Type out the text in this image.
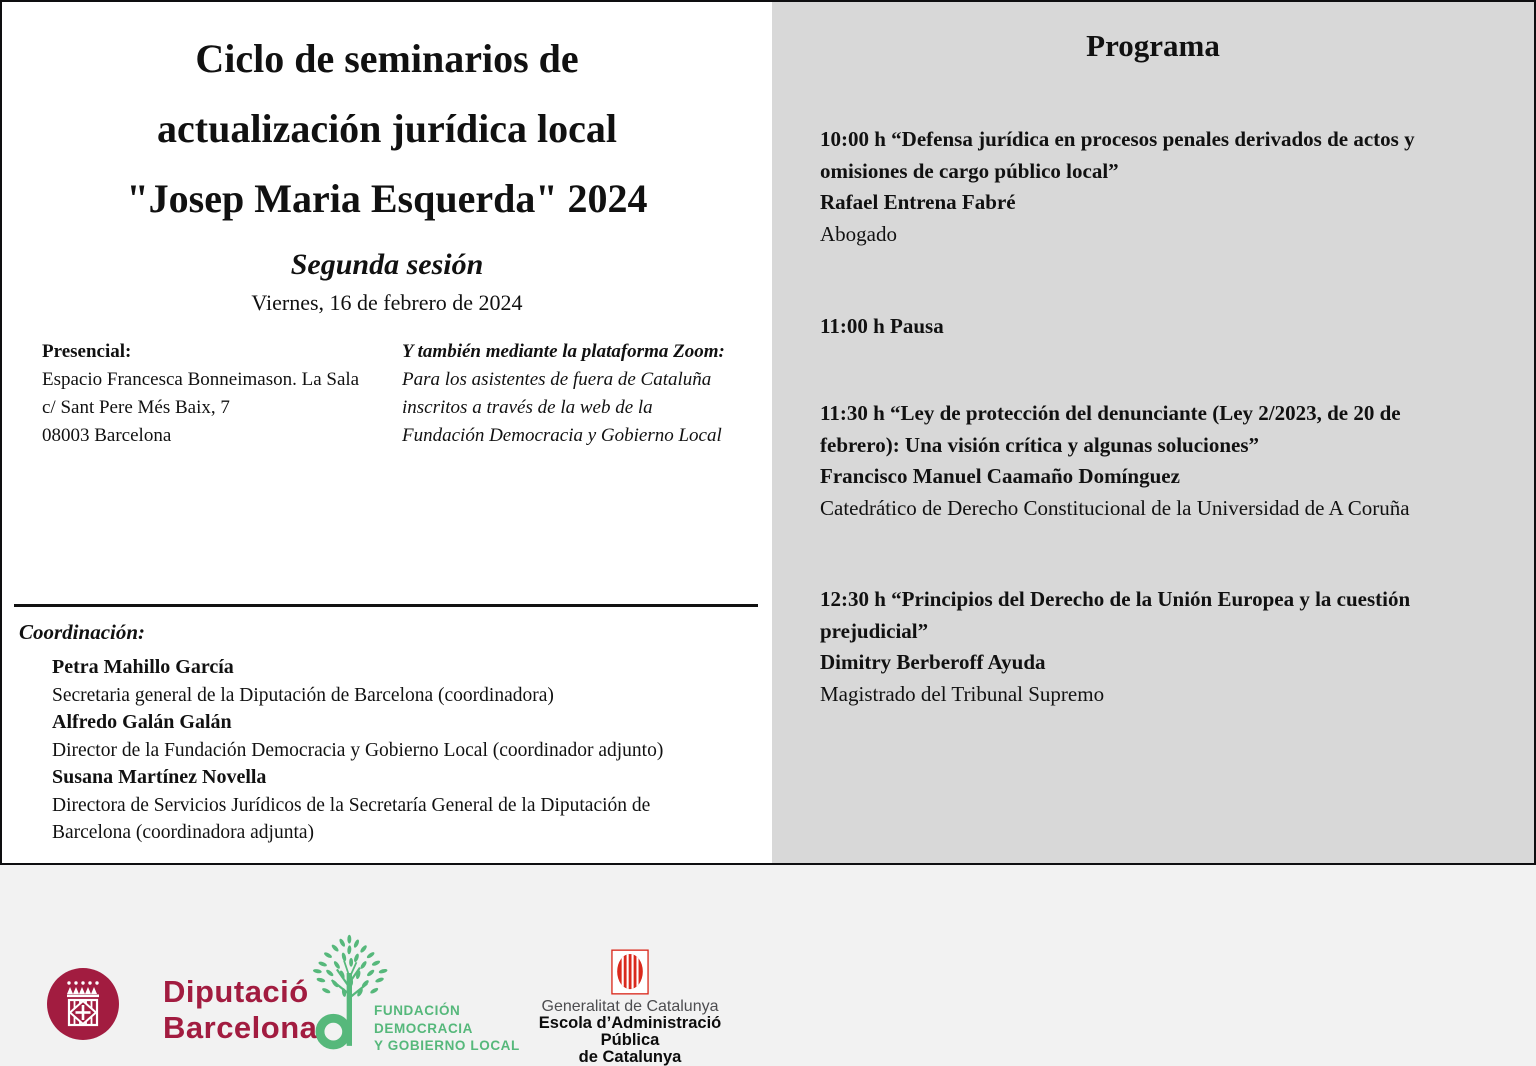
Ciclo de seminarios de
actualización jurídica local
"Josep Maria Esquerda" 2024
Segunda sesión
Viernes, 16 de febrero de 2024
Presencial:
Espacio Francesca Bonneimason. La Sala
c/ Sant Pere Més Baix, 7
08003 Barcelona
Y también mediante la plataforma Zoom:
Para los asistentes de fuera de Cataluña
inscritos a través de la web de la
Fundación Democracia y Gobierno Local
Diputació
Barcelona	FUNDACIÓN
DEMOCRACIA
Y GOBIERNO LOCAL
Generalitat de Catalunya
Escola d’Administració Pública
de Catalunya
Coordinación:
Petra Mahillo García
Secretaria general de la Diputación de Barcelona (coordinadora)
Alfredo Galán Galán
Director de la Fundación Democracia y Gobierno Local (coordinador adjunto)
Susana Martínez Novella
Directora de Servicios Jurídicos de la Secretaría General de la Diputación de Barcelona (coordinadora adjunta)
Programa
10:00 h “Defensa jurídica en procesos penales derivados de actos y omisiones de cargo público local”
Rafael Entrena Fabré
Abogado
11:00 h Pausa
11:30 h “Ley de protección del denunciante (Ley 2/2023, de 20 de febrero): Una visión crítica y algunas soluciones”
Francisco Manuel Caamaño Domínguez
Catedrático de Derecho Constitucional de la Universidad de A Coruña
12:30 h “Principios del Derecho de la Unión Europea y la cuestión prejudicial”
Dimitry Berberoff Ayuda
Magistrado del Tribunal Supremo
